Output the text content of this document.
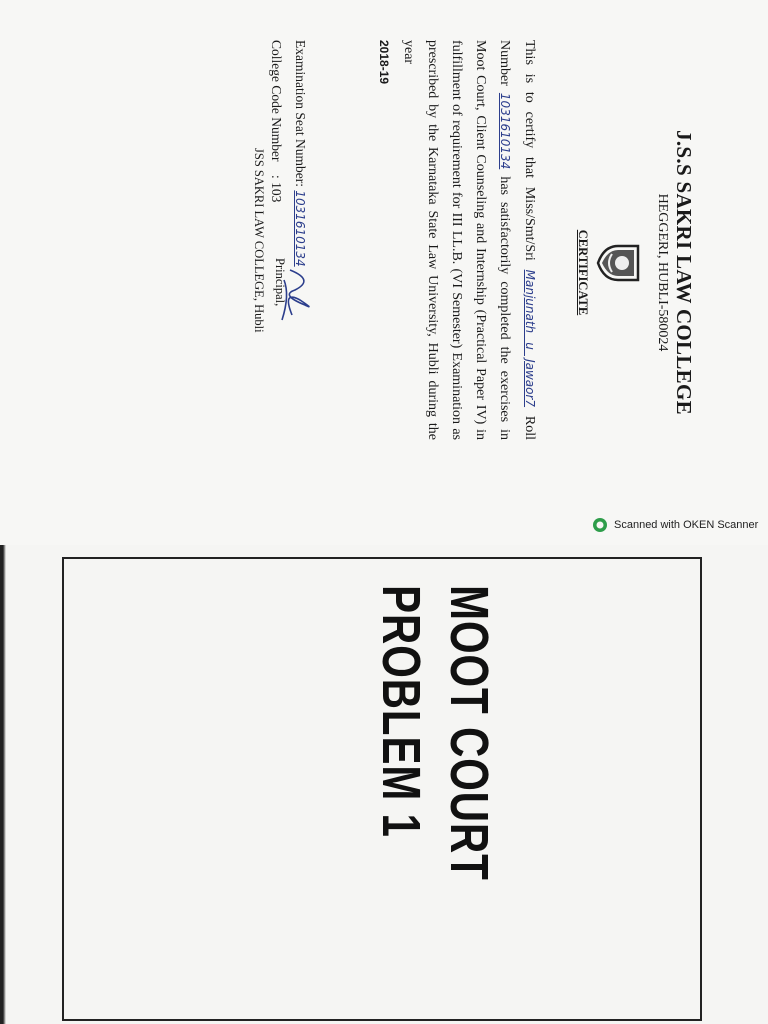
J.S.S SAKRI LAW COLLEGE
HEGGERI, HUBLI-580024
CERTIFICATE
This is to certify that Miss/Smt/Sri Manjunath u Jawaor7 Roll Number 1031610134 has satisfactorily completed the exercises in Moot Court, Client Counseling and Internship (Practical Paper IV) in fulfillment of requirement for III LL.B. (VI Semester) Examination as prescribed by the Karnataka State Law University, Hubli during the year
2018-19
Examination Seat Number: 1031610134
College Code Number    : 103
Principal,
JSS SAKRI LAW COLLEGE, Hubli
Scanned with OKEN Scanner
MOOT COURT
PROBLEM 1
